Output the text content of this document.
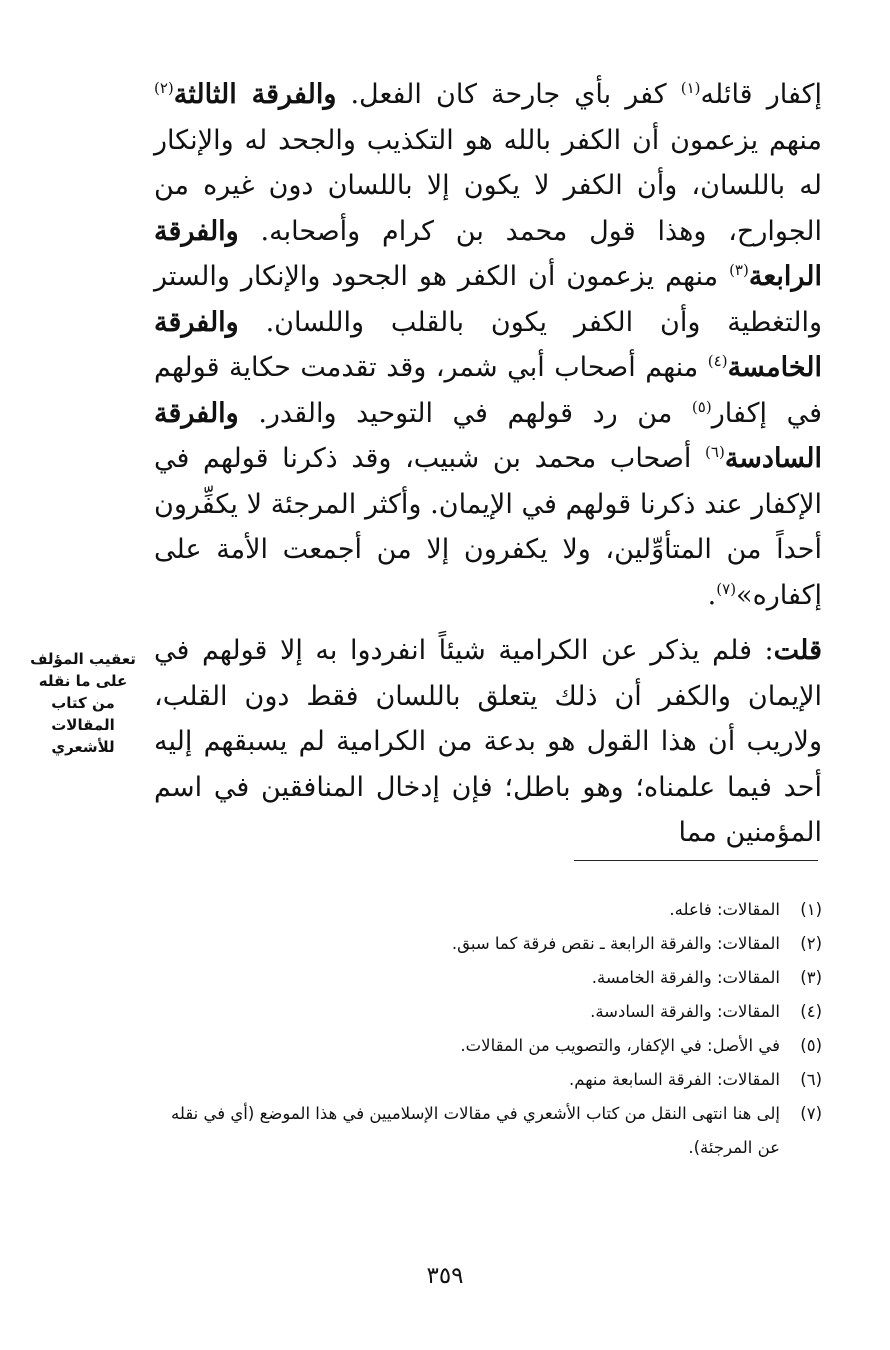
إكفار قائله$^{(١)}$ كفر بأي جارحة كان الفعل. والفرقة الثالثة$^{(٢)}$ منهم يزعمون أن الكفر بالله هو التكذيب والجحد له والإنكار له باللسان، وأن الكفر لا يكون إلا باللسان دون غيره من الجوارح، وهذا قول محمد بن كرام وأصحابه. والفرقة الرابعة$^{(٣)}$ منهم يزعمون أن الكفر هو الجحود والإنكار والستر والتغطية وأن الكفر يكون بالقلب واللسان. والفرقة الخامسة$^{(٤)}$ منهم أصحاب أبي شمر، وقد تقدمت حكاية قولهم في إكفار$^{(٥)}$ من رد قولهم في التوحيد والقدر. والفرقة السادسة$^{(٦)}$ أصحاب محمد بن شبيب، وقد ذكرنا قولهم في الإكفار عند ذكرنا قولهم في الإيمان. وأكثر المرجئة لا يكفِّرون أحداً من المتأوِّلين، ولا يكفرون إلا من أجمعت الأمة على إكفاره»$^{(٧)}$.

قلت: فلم يذكر عن الكرامية شيئاً انفردوا به إلا قولهم في الإيمان والكفر أن ذلك يتعلق باللسان فقط دون القلب، ولاريب أن هذا القول هو بدعة من الكرامية لم يسبقهم إليه أحد فيما علمناه؛ وهو باطل؛ فإن إدخال المنافقين في اسم المؤمنين مما

تعقيب المؤلف على ما نقله من كتاب المقالات للأشعري
(١)
المقالات: فاعله.
(٢)
المقالات: والفرقة الرابعة ـ نقص فرقة كما سبق.
(٣)
المقالات: والفرقة الخامسة.
(٤)
المقالات: والفرقة السادسة.
(٥)
في الأصل: في الإكفار، والتصويب من المقالات.
(٦)
المقالات: الفرقة السابعة منهم.
(٧)
إلى هنا انتهى النقل من كتاب الأشعري في مقالات الإسلاميين في هذا الموضع (أي في نقله عن المرجئة).
٣٥٩
